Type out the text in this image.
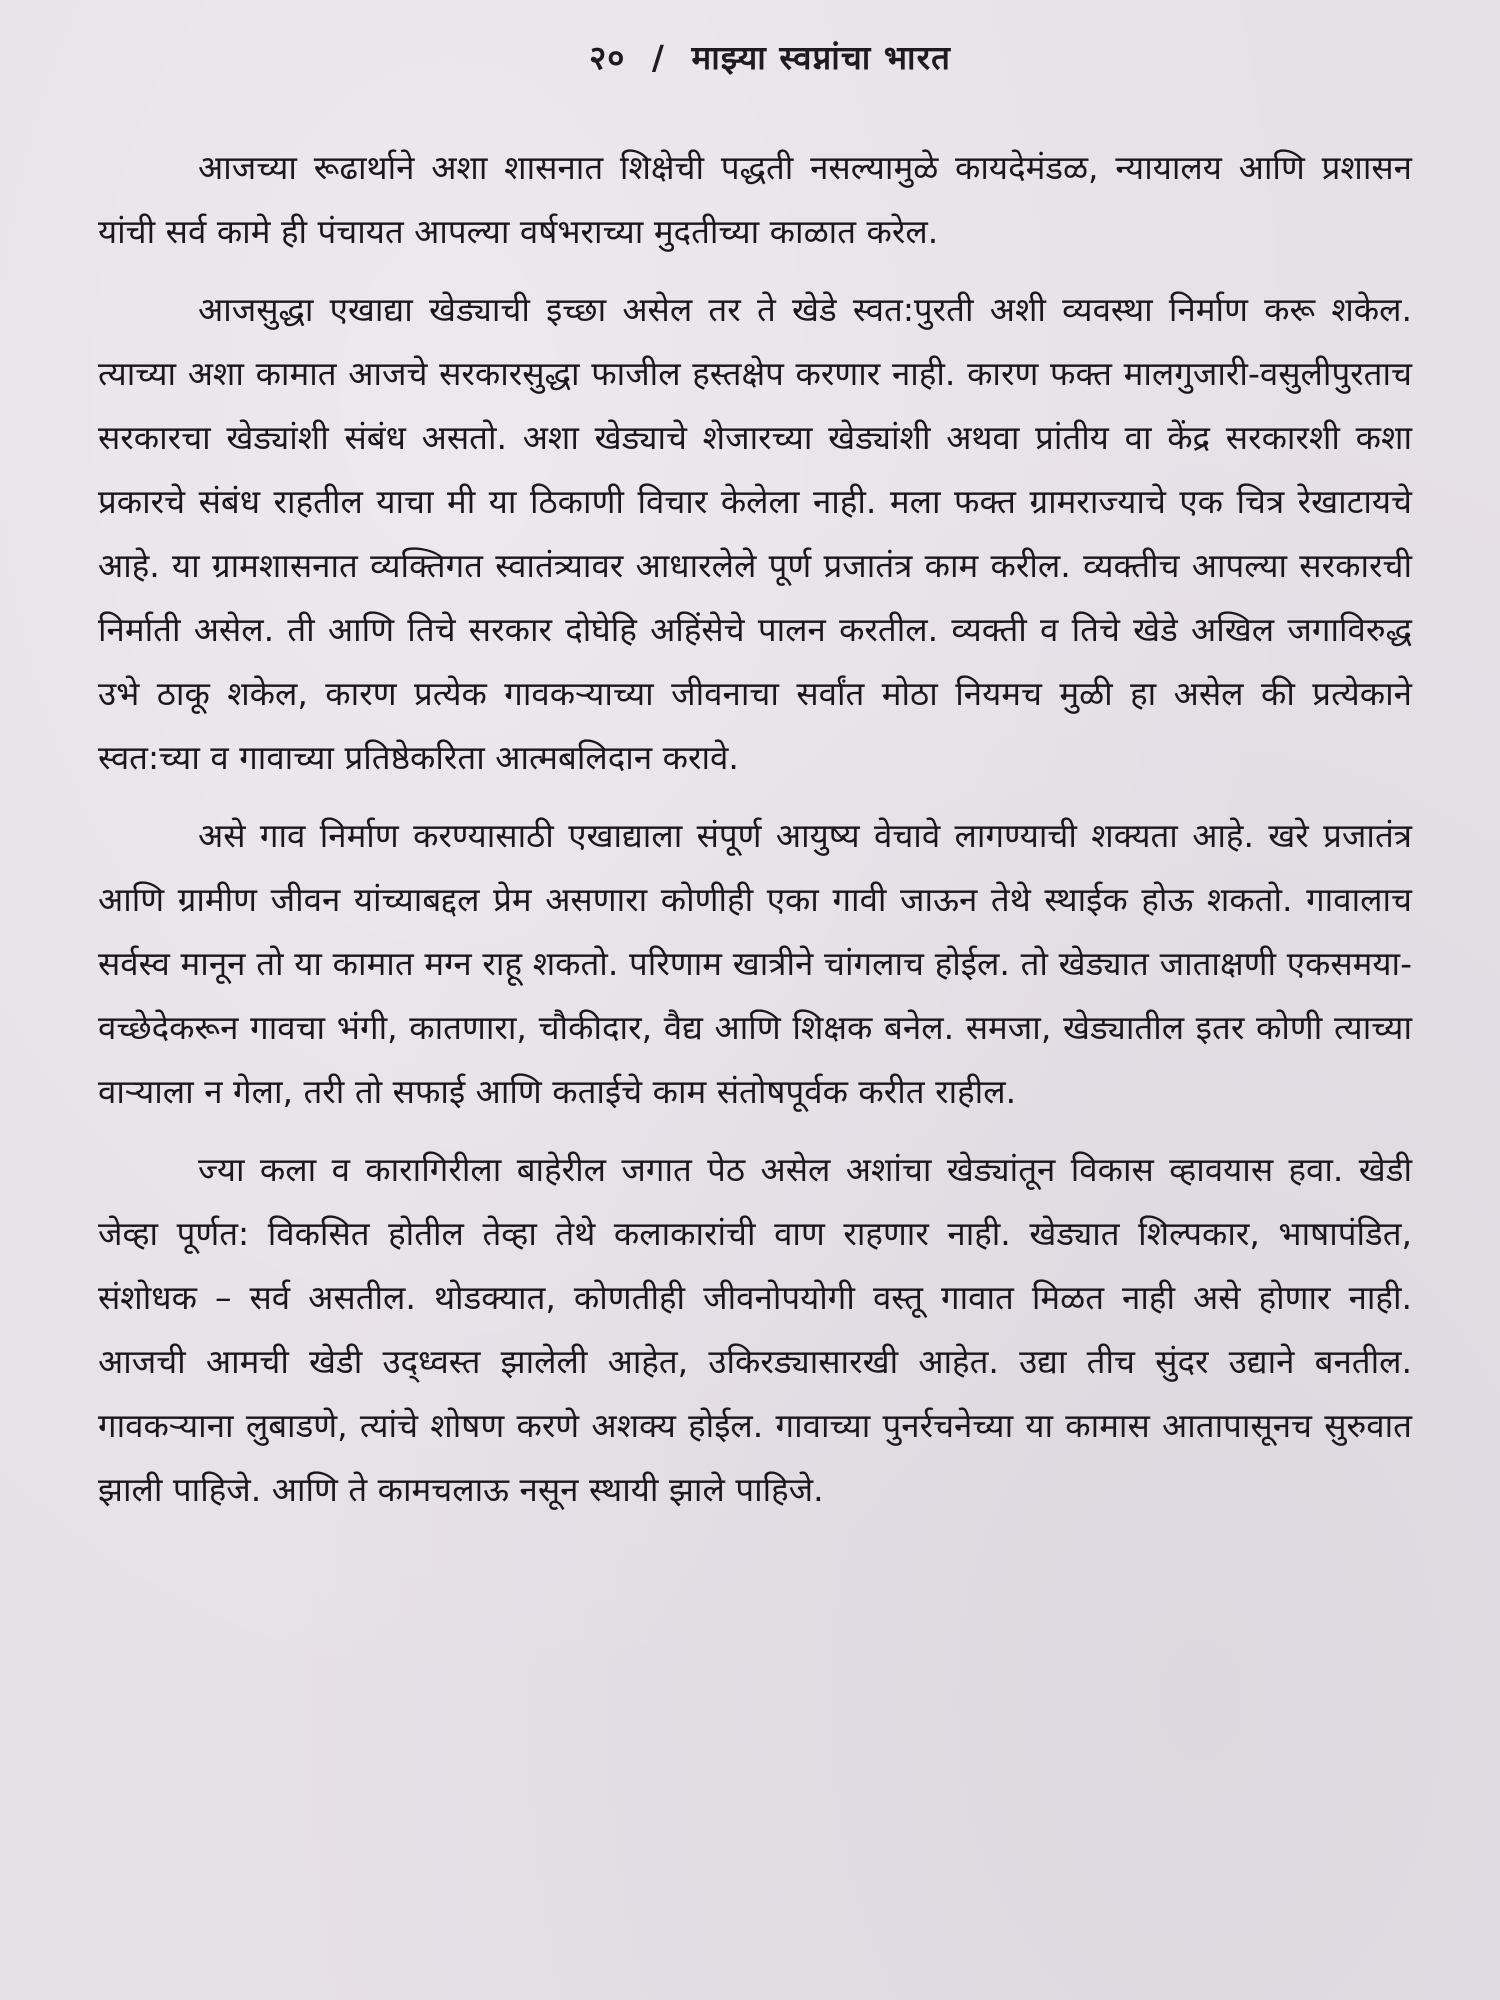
२० / माझ्या स्वप्नांचा भारत

आजच्या रूढार्थाने अशा शासनात शिक्षेची पद्धती नसल्यामुळे कायदेमंडळ, न्यायालय आणि प्रशासन यांची सर्व कामे ही पंचायत आपल्या वर्षभराच्या मुदतीच्या काळात करेल.

आजसुद्धा एखाद्या खेड्याची इच्छा असेल तर ते खेडे स्वत:पुरती अशी व्यवस्था निर्माण करू शकेल. त्याच्या अशा कामात आजचे सरकारसुद्धा फाजील हस्तक्षेप करणार नाही. कारण फक्त मालगुजारी-वसुलीपुरताच सरकारचा खेड्यांशी संबंध असतो. अशा खेड्याचे शेजारच्या खेड्यांशी अथवा प्रांतीय वा केंद्र सरकारशी कशा प्रकारचे संबंध राहतील याचा मी या ठिकाणी विचार केलेला नाही. मला फक्त ग्रामराज्याचे एक चित्र रेखाटायचे आहे. या ग्रामशासनात व्यक्तिगत स्वातंत्र्यावर आधारलेले पूर्ण प्रजातंत्र काम करील. व्यक्तीच आपल्या सरकारची निर्माती असेल. ती आणि तिचे सरकार दोघेहि अहिंसेचे पालन करतील. व्यक्ती व तिचे खेडे अखिल जगाविरुद्ध उभे ठाकू शकेल, कारण प्रत्येक गावकऱ्याच्या जीवनाचा सर्वांत मोठा नियमच मुळी हा असेल की प्रत्येकाने स्वत:च्या व गावाच्या प्रतिष्ठेकरिता आत्मबलिदान करावे.

असे गाव निर्माण करण्यासाठी एखाद्याला संपूर्ण आयुष्य वेचावे लागण्याची शक्यता आहे. खरे प्रजातंत्र आणि ग्रामीण जीवन यांच्याबद्दल प्रेम असणारा कोणीही एका गावी जाऊन तेथे स्थाईक होऊ शकतो. गावालाच सर्वस्व मानून तो या कामात मग्न राहू शकतो. परिणाम खात्रीने चांगलाच होईल. तो खेड्यात जाताक्षणी एकसमया-वच्छेदेकरून गावचा भंगी, कातणारा, चौकीदार, वैद्य आणि शिक्षक बनेल. समजा, खेड्यातील इतर कोणी त्याच्या वाऱ्याला न गेला, तरी तो सफाई आणि कताईचे काम संतोषपूर्वक करीत राहील.

ज्या कला व कारागिरीला बाहेरील जगात पेठ असेल अशांचा खेड्यांतून विकास व्हावयास हवा. खेडी जेव्हा पूर्णत: विकसित होतील तेव्हा तेथे कलाकारांची वाण राहणार नाही. खेड्यात शिल्पकार, भाषापंडित, संशोधक – सर्व असतील. थोडक्यात, कोणतीही जीवनोपयोगी वस्तू गावात मिळत नाही असे होणार नाही. आजची आमची खेडी उद्ध्वस्त झालेली आहेत, उकिरड्यासारखी आहेत. उद्या तीच सुंदर उद्याने बनतील. गावकऱ्याना लुबाडणे, त्यांचे शोषण करणे अशक्य होईल. गावाच्या पुनर्रचनेच्या या कामास आतापासूनच सुरुवात झाली पाहिजे. आणि ते कामचलाऊ नसून स्थायी झाले पाहिजे.
